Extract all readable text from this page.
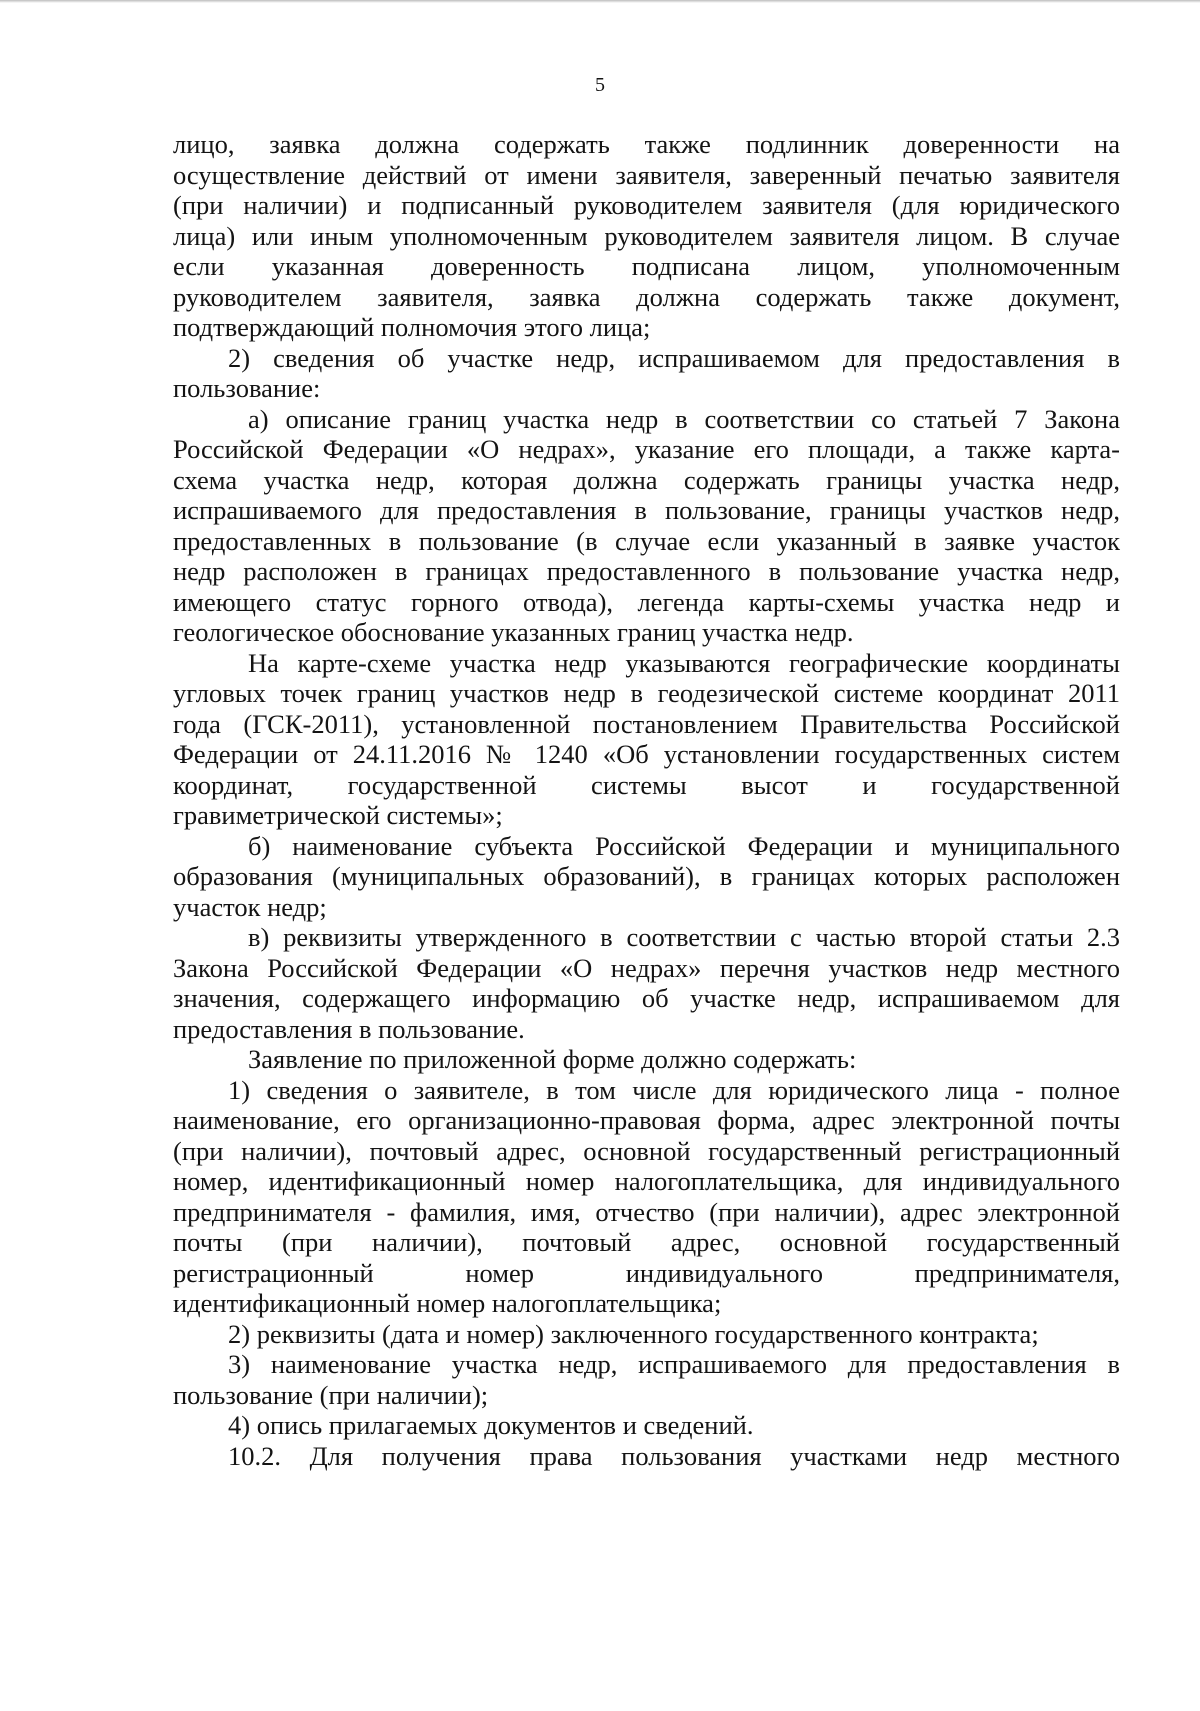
5
лицо, заявка должна содержать также подлинник доверенности на
осуществление действий от имени заявителя, заверенный печатью заявителя
(при наличии) и подписанный руководителем заявителя (для юридического
лица) или иным уполномоченным руководителем заявителя лицом. В случае
если указанная доверенность подписана лицом, уполномоченным
руководителем заявителя, заявка должна содержать также документ,
подтверждающий полномочия этого лица;
2) сведения об участке недр, испрашиваемом для предоставления в
пользование:
а) описание границ участка недр в соответствии со статьей 7 Закона
Российской Федерации «О недрах», указание его площади, а также карта-
схема участка недр, которая должна содержать границы участка недр,
испрашиваемого для предоставления в пользование, границы участков недр,
предоставленных в пользование (в случае если указанный в заявке участок
недр расположен в границах предоставленного в пользование участка недр,
имеющего статус горного отвода), легенда карты-схемы участка недр и
геологическое обоснование указанных границ участка недр.
На карте-схеме участка недр указываются географические координаты
угловых точек границ участков недр в геодезической системе координат 2011
года (ГСК-2011), установленной постановлением Правительства Российской
Федерации от 24.11.2016 № 1240 «Об установлении государственных систем
координат, государственной системы высот и государственной
гравиметрической системы»;
б) наименование субъекта Российской Федерации и муниципального
образования (муниципальных образований), в границах которых расположен
участок недр;
в) реквизиты утвержденного в соответствии с частью второй статьи 2.3
Закона Российской Федерации «О недрах» перечня участков недр местного
значения, содержащего информацию об участке недр, испрашиваемом для
предоставления в пользование.
Заявление по приложенной форме должно содержать:
1) сведения о заявителе, в том числе для юридического лица - полное
наименование, его организационно-правовая форма, адрес электронной почты
(при наличии), почтовый адрес, основной государственный регистрационный
номер, идентификационный номер налогоплательщика, для индивидуального
предпринимателя - фамилия, имя, отчество (при наличии), адрес электронной
почты (при наличии), почтовый адрес, основной государственный
регистрационный номер индивидуального предпринимателя,
идентификационный номер налогоплательщика;
2) реквизиты (дата и номер) заключенного государственного контракта;
3) наименование участка недр, испрашиваемого для предоставления в
пользование (при наличии);
4) опись прилагаемых документов и сведений.
10.2. Для получения права пользования участками недр местного
